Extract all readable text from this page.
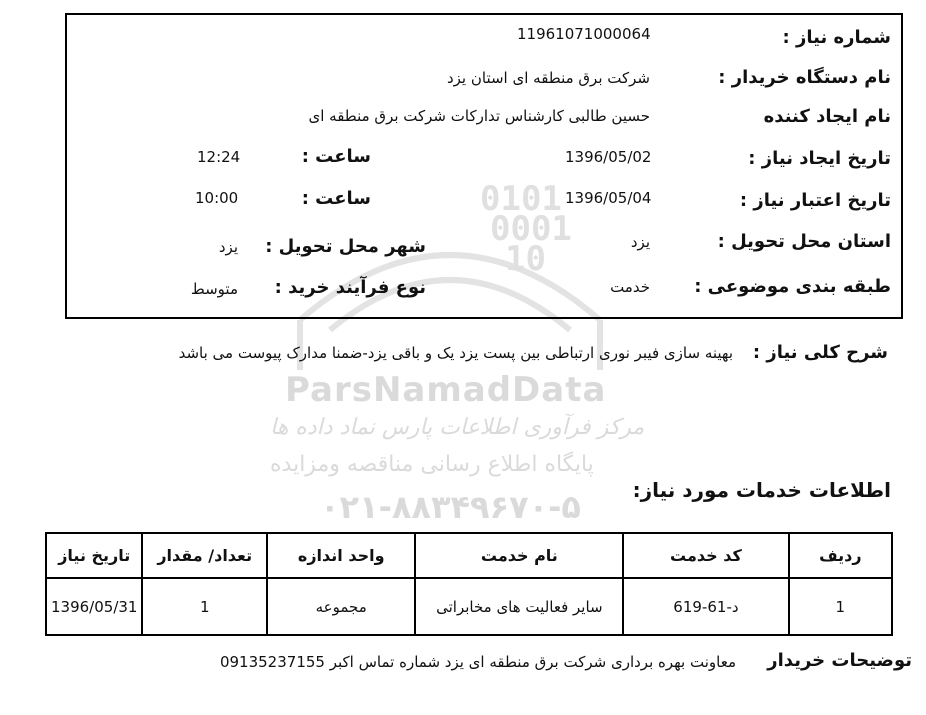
0101
0001
10
ParsNamadData
مرکز فرآوری اطلاعات پارس نماد داده ها
پایگاه اطلاع رسانی مناقصه ومزایده
۰۲۱-۸۸۳۴۹۶۷۰-۵
شماره نیاز :
11961071000064
نام دستگاه خریدار :
شرکت برق منطقه ای استان یزد
نام ایجاد کننده
حسین طالبی کارشناس تدارکات شرکت برق منطقه ای
تاریخ ایجاد نیاز :
1396/05/02
ساعت :
12:24
تاریخ اعتبار نیاز :
1396/05/04
ساعت :
10:00
استان محل تحویل :
یزد
شهر محل تحویل :
یزد
طبقه بندی موضوعی :
خدمت
نوع فرآیند خرید :
متوسط
شرح کلی نیاز :
بهینه سازی فیبر نوری ارتباطی بین پست یزد یک و باقی یزد-ضمنا مدارک پیوست می باشد
اطلاعات خدمات مورد نیاز:
ردیف	کد خدمت	نام خدمت	واحد اندازه	تعداد/ مقدار	تاریخ نیاز
1	د-61-619	سایر فعالیت های مخابراتی	مجموعه	1	1396/05/31
توضیحات خریدار
معاونت بهره برداری شرکت برق منطقه ای یزد شماره تماس اکبر 09135237155
